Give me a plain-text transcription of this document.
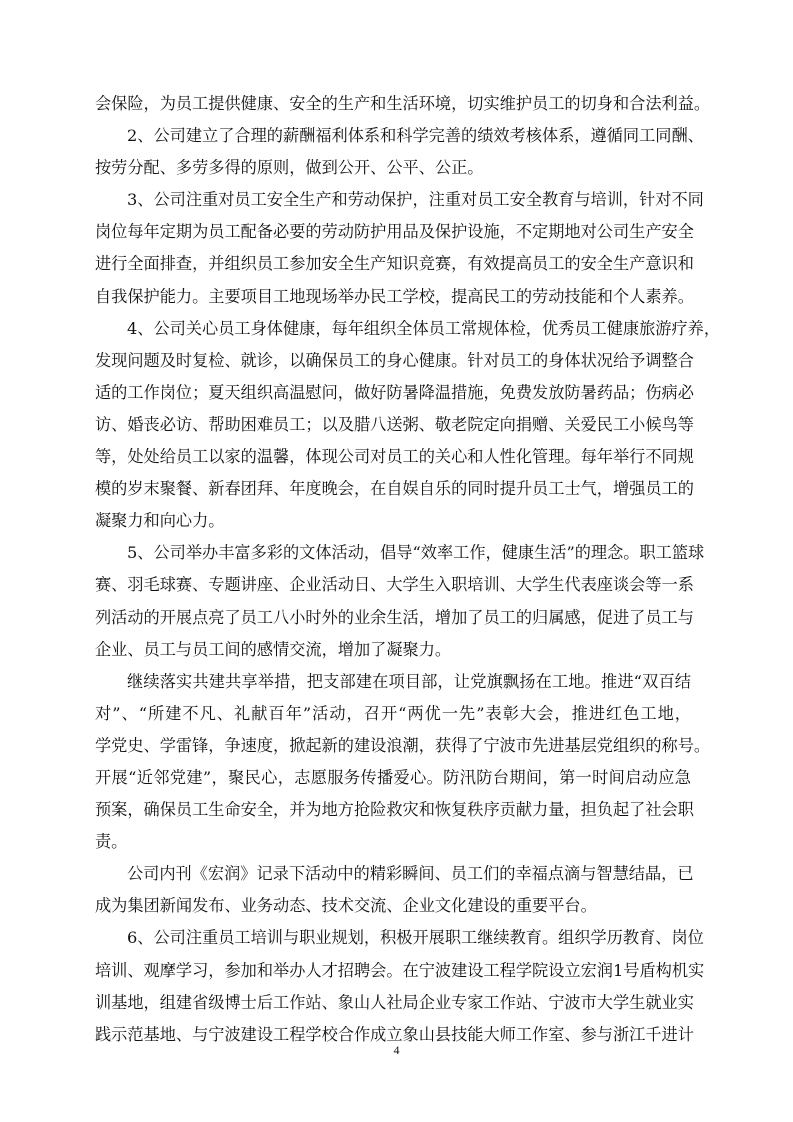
会保险，为员工提供健康、安全的生产和生活环境，切实维护员工的切身和合法利益。
2、公司建立了合理的薪酬福利体系和科学完善的绩效考核体系，遵循同工同酬、
按劳分配、多劳多得的原则，做到公开、公平、公正。
3、公司注重对员工安全生产和劳动保护，注重对员工安全教育与培训，针对不同
岗位每年定期为员工配备必要的劳动防护用品及保护设施，不定期地对公司生产安全
进行全面排查，并组织员工参加安全生产知识竞赛，有效提高员工的安全生产意识和
自我保护能力。主要项目工地现场举办民工学校，提高民工的劳动技能和个人素养。
4、公司关心员工身体健康，每年组织全体员工常规体检，优秀员工健康旅游疗养，
发现问题及时复检、就诊，以确保员工的身心健康。针对员工的身体状况给予调整合
适的工作岗位；夏天组织高温慰问，做好防暑降温措施，免费发放防暑药品；伤病必
访、婚丧必访、帮助困难员工；以及腊八送粥、敬老院定向捐赠、关爱民工小候鸟等
等，处处给员工以家的温馨，体现公司对员工的关心和人性化管理。每年举行不同规
模的岁末聚餐、新春团拜、年度晚会，在自娱自乐的同时提升员工士气，增强员工的
凝聚力和向心力。
5、公司举办丰富多彩的文体活动，倡导“效率工作，健康生活”的理念。职工篮球
赛、羽毛球赛、专题讲座、企业活动日、大学生入职培训、大学生代表座谈会等一系
列活动的开展点亮了员工八小时外的业余生活，增加了员工的归属感，促进了员工与
企业、员工与员工间的感情交流，增加了凝聚力。
继续落实共建共享举措，把支部建在项目部，让党旗飘扬在工地。推进“双百结
对”、“所建不凡、礼献百年”活动，召开“两优一先”表彰大会，推进红色工地，
学党史、学雷锋，争速度，掀起新的建设浪潮，获得了宁波市先进基层党组织的称号。
开展“近邻党建”，聚民心，志愿服务传播爱心。防汛防台期间，第一时间启动应急
预案，确保员工生命安全，并为地方抢险救灾和恢复秩序贡献力量，担负起了社会职
责。
公司内刊《宏润》记录下活动中的精彩瞬间、员工们的幸福点滴与智慧结晶，已
成为集团新闻发布、业务动态、技术交流、企业文化建设的重要平台。
6、公司注重员工培训与职业规划，积极开展职工继续教育。组织学历教育、岗位
培训、观摩学习，参加和举办人才招聘会。在宁波建设工程学院设立宏润1号盾构机实
训基地，组建省级博士后工作站、象山人社局企业专家工作站、宁波市大学生就业实
践示范基地、与宁波建设工程学校合作成立象山县技能大师工作室、参与浙江千进计
4
